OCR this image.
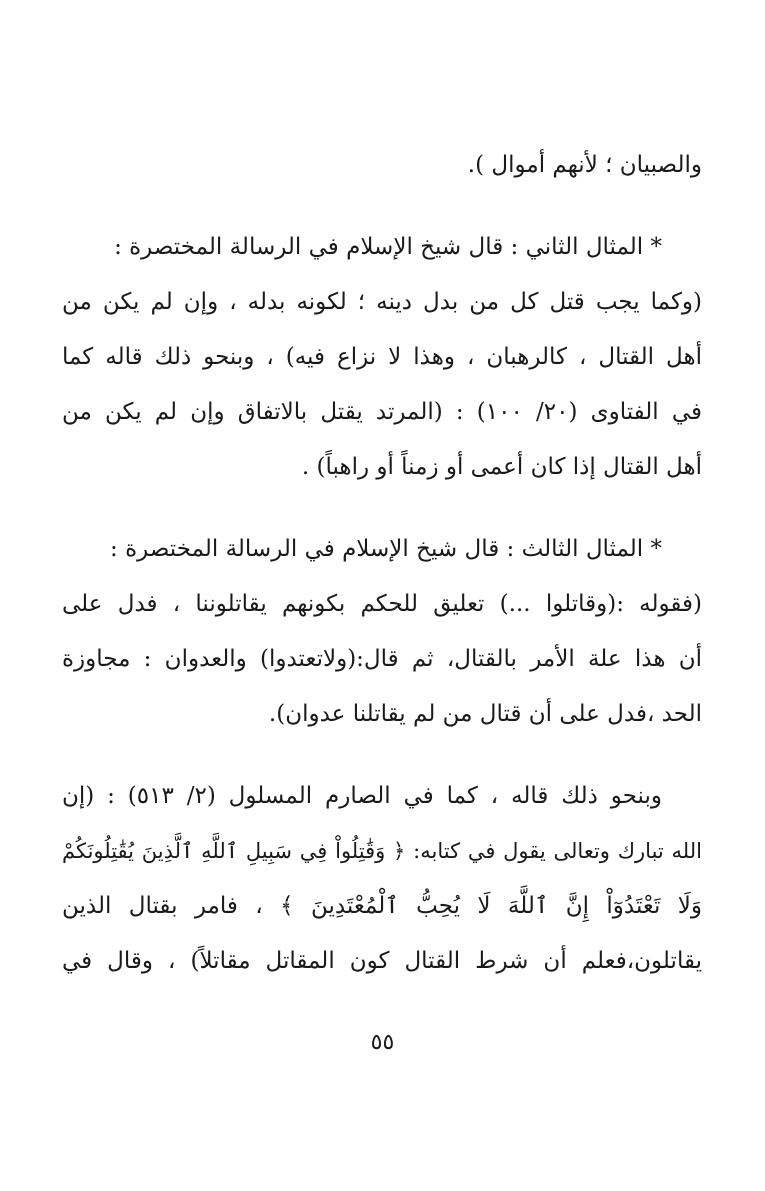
والصبيان ؛ لأنهم أموال ).
* المثال الثاني : قال شيخ الإسلام في الرسالة المختصرة :
(وكما يجب قتل كل من بدل دينه ؛ لكونه بدله ، وإن لم يكن من
أهل القتال ، كالرهبان ، وهذا لا نزاع فيه) ، وبنحو ذلك قاله كما
في الفتاوى (٢٠/ ١٠٠) : (المرتد يقتل بالاتفاق وإن لم يكن من
أهل القتال إذا كان أعمى أو زمناً أو راهباً) .
* المثال الثالث : قال شيخ الإسلام في الرسالة المختصرة :
(فقوله :(وقاتلوا ...) تعليق للحكم بكونهم يقاتلوننا ، فدل على
أن هذا علة الأمر بالقتال، ثم قال:(ولاتعتدوا) والعدوان : مجاوزة
الحد ،فدل على أن قتال من لم يقاتلنا عدوان).
وبنحو ذلك قاله ، كما في الصارم المسلول (٢/ ٥١٣) : (إن
الله تبارك وتعالى يقول في كتابه: ﴿ وَقَٰتِلُواْ فِي سَبِيلِ ٱللَّهِ ٱلَّذِينَ يُقَٰتِلُونَكُمْ
وَلَا تَعْتَدُوٓاْ إِنَّ ٱللَّهَ لَا يُحِبُّ ٱلْمُعْتَدِينَ ﴾ ، فامر بقتال الذين
يقاتلون،فعلم أن شرط القتال كون المقاتل مقاتلاً) ، وقال في
٥٥
